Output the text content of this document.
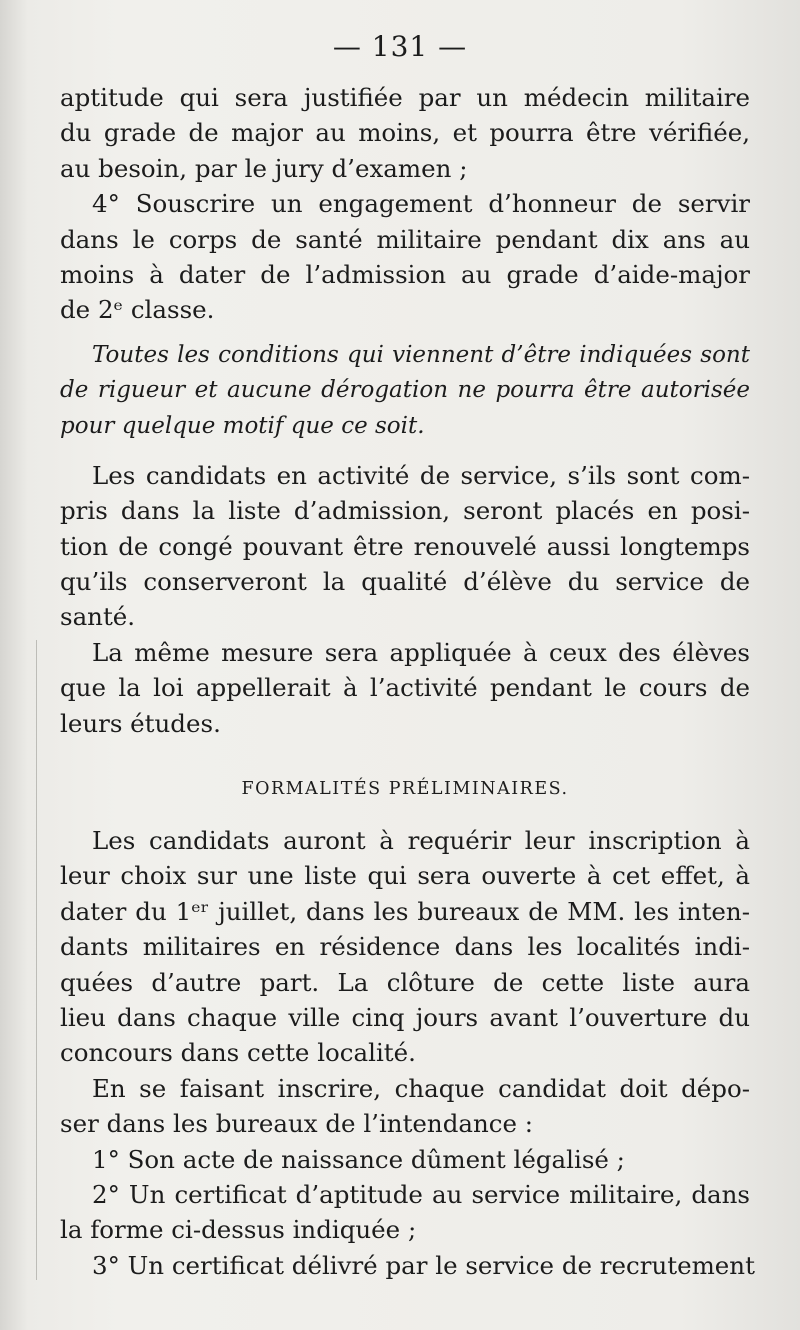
— 131 —
aptitude qui sera justifiée par un médecin militaire
du grade de major au moins, et pourra être vérifiée,
au besoin, par le jury d’examen ;
4° Souscrire un engagement d’honneur de servir
dans le corps de santé militaire pendant dix ans au
moins à dater de l’admission au grade d’aide-major
de 2ᵉ classe.
Toutes les conditions qui viennent d’être indiquées sont
de rigueur et aucune dérogation ne pourra être autorisée
pour quelque motif que ce soit.
Les candidats en activité de service, s’ils sont com-
pris dans la liste d’admission, seront placés en posi-
tion de congé pouvant être renouvelé aussi longtemps
qu’ils conserveront la qualité d’élève du service de
santé.
La même mesure sera appliquée à ceux des élèves
que la loi appellerait à l’activité pendant le cours de
leurs études.
FORMALITÉS PRÉLIMINAIRES.
Les candidats auront à requérir leur inscription à
leur choix sur une liste qui sera ouverte à cet effet, à
dater du 1ᵉʳ juillet, dans les bureaux de MM. les inten-
dants militaires en résidence dans les localités indi-
quées d’autre part. La clôture de cette liste aura
lieu dans chaque ville cinq jours avant l’ouverture du
concours dans cette localité.
En se faisant inscrire, chaque candidat doit dépo-
ser dans les bureaux de l’intendance :
1° Son acte de naissance dûment légalisé ;
2° Un certificat d’aptitude au service militaire, dans
la forme ci-dessus indiquée ;
3° Un certificat délivré par le service de recrutement
